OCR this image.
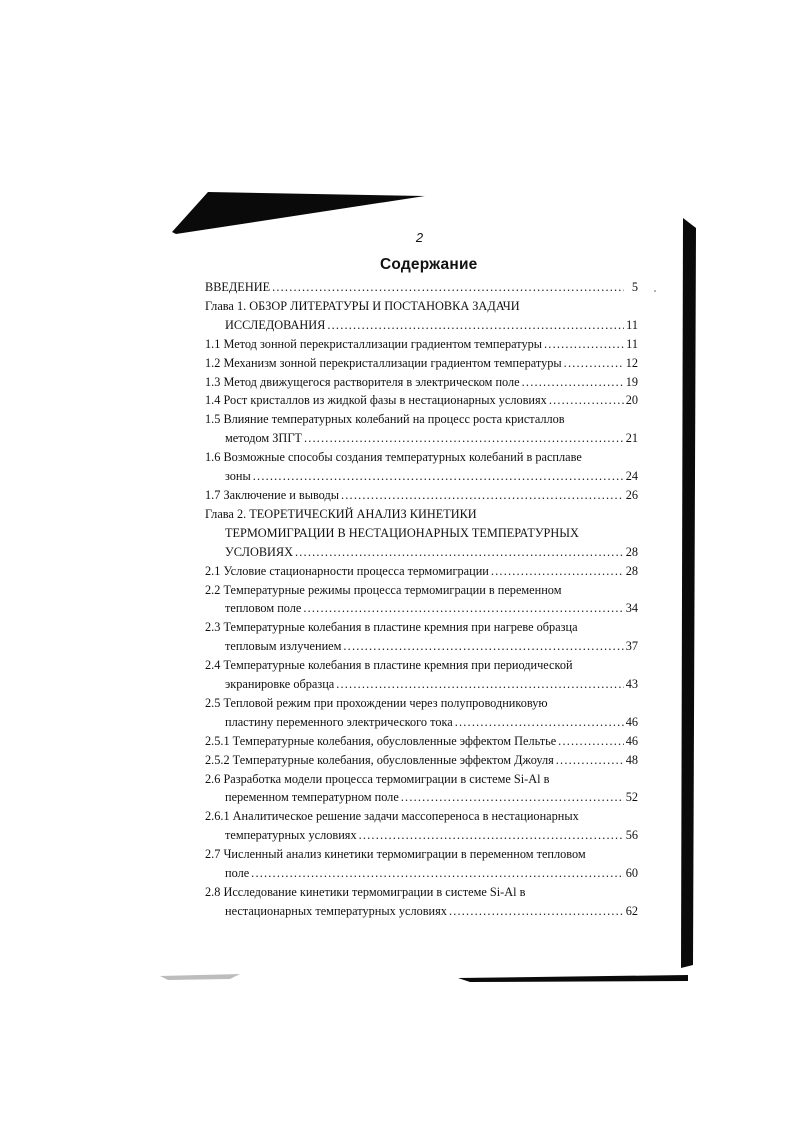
2
Содержание
ВВЕДЕНИЕ .....	5
Глава 1. ОБЗОР ЛИТЕРАТУРЫ И ПОСТАНОВКА ЗАДАЧИ
ИССЛЕДОВАНИЯ .....	11
1.1 Метод зонной перекристаллизации градиентом температуры .....	11
1.2 Механизм зонной перекристаллизации градиентом температуры .....	12
1.3 Метод движущегося растворителя в электрическом поле .....	19
1.4 Рост кристаллов из жидкой фазы в нестационарных условиях .....	20
1.5 Влияние температурных колебаний на процесс роста кристаллов
методом ЗПГТ .....	21
1.6 Возможные способы создания температурных колебаний в расплаве
зоны .....	24
1.7 Заключение и выводы .....	26
Глава 2. ТЕОРЕТИЧЕСКИЙ АНАЛИЗ КИНЕТИКИ
ТЕРМОМИГРАЦИИ В НЕСТАЦИОНАРНЫХ ТЕМПЕРАТУРНЫХ
УСЛОВИЯХ .....	28
2.1 Условие стационарности процесса термомиграции .....	28
2.2 Температурные режимы процесса термомиграции в переменном
тепловом поле .....	34
2.3 Температурные колебания в пластине кремния при нагреве образца
тепловым излучением .....	37
2.4 Температурные колебания в пластине кремния при периодической
экранировке образца .....	43
2.5 Тепловой режим при прохождении через полупроводниковую
пластину переменного электрического тока .....	46
2.5.1 Температурные колебания, обусловленные эффектом Пельтье .....	46
2.5.2 Температурные колебания, обусловленные эффектом Джоуля .....	48
2.6 Разработка модели процесса термомиграции в системе Si-Al в
переменном температурном поле .....	52
2.6.1 Аналитическое решение задачи массопереноса в нестационарных
температурных условиях .....	56
2.7 Численный анализ кинетики термомиграции в переменном тепловом
поле .....	60
2.8 Исследование кинетики термомиграции в системе Si-Al в
нестационарных температурных условиях .....	62
